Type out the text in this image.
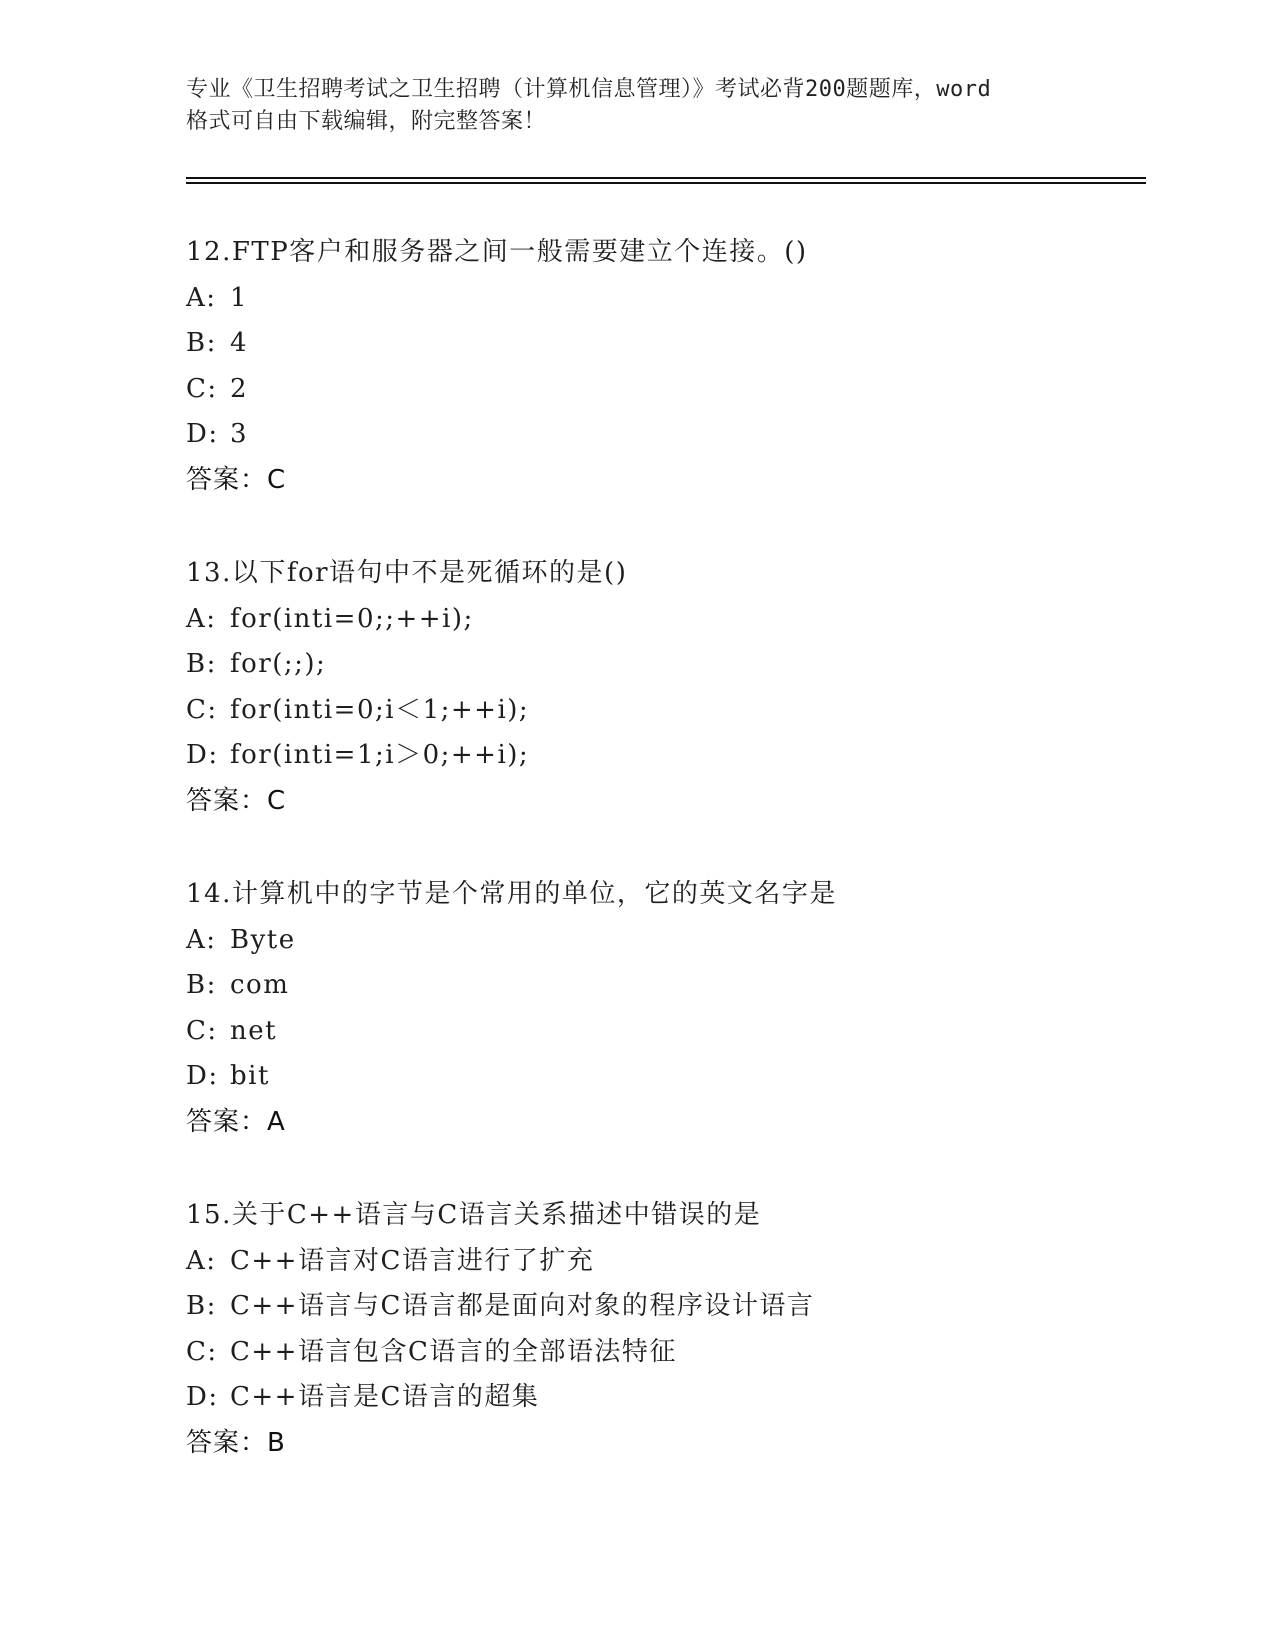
专业《卫生招聘考试之卫生招聘（计算机信息管理）》考试必背200题题库，word
格式可自由下载编辑，附完整答案！
12.FTP客户和服务器之间一般需要建立个连接。()
A: 1
B: 4
C: 2
D: 3
答案：C
13.以下for语句中不是死循环的是()
A: for(inti=0;;++i);
B: for(;;);
C: for(inti=0;i＜1;++i);
D: for(inti=1;i＞0;++i);
答案：C
14.计算机中的字节是个常用的单位，它的英文名字是
A: Byte
B: com
C: net
D: bit
答案：A
15.关于C++语言与C语言关系描述中错误的是
A: C++语言对C语言进行了扩充
B: C++语言与C语言都是面向对象的程序设计语言
C: C++语言包含C语言的全部语法特征
D: C++语言是C语言的超集
答案：B
